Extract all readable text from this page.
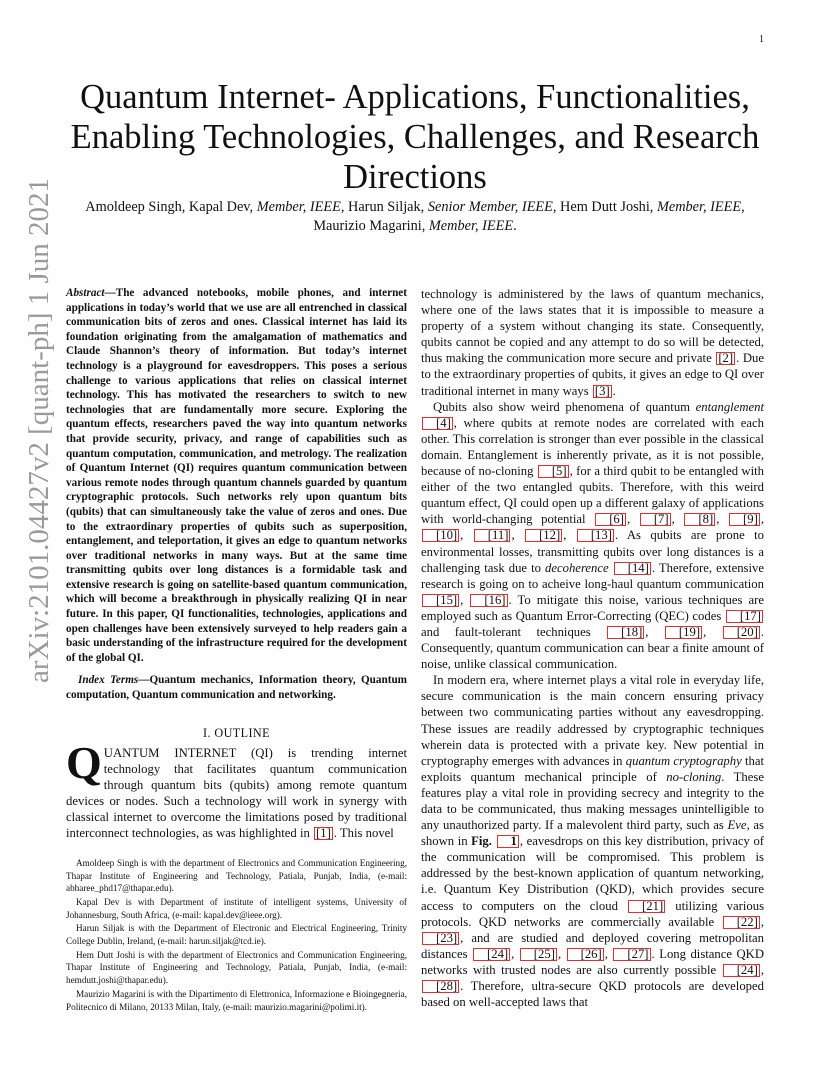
1
arXiv:2101.04427v2 [quant-ph] 1 Jun 2021
Quantum Internet- Applications, Functionalities, Enabling Technologies, Challenges, and Research Directions
Amoldeep Singh, Kapal Dev, Member, IEEE, Harun Siljak, Senior Member, IEEE, Hem Dutt Joshi, Member, IEEE, Maurizio Magarini, Member, IEEE.

Abstract—The advanced notebooks, mobile phones, and internet applications in today’s world that we use are all entrenched in classical communication bits of zeros and ones. Classical internet has laid its foundation originating from the amalgamation of mathematics and Claude Shannon’s theory of information. But today’s internet technology is a playground for eavesdroppers. This poses a serious challenge to various applications that relies on classical internet technology. This has motivated the researchers to switch to new technologies that are fundamentally more secure. Exploring the quantum effects, researchers paved the way into quantum networks that provide security, privacy, and range of capabilities such as quantum computation, communication, and metrology. The realization of Quantum Internet (QI) requires quantum communication between various remote nodes through quantum channels guarded by quantum cryptographic protocols. Such networks rely upon quantum bits (qubits) that can simultaneously take the value of zeros and ones. Due to the extraordinary properties of qubits such as superposition, entanglement, and teleportation, it gives an edge to quantum networks over traditional networks in many ways. But at the same time transmitting qubits over long distances is a formidable task and extensive research is going on satellite-based quantum communication, which will become a breakthrough in physically realizing QI in near future. In this paper, QI functionalities, technologies, applications and open challenges have been extensively surveyed to help readers gain a basic understanding of the infrastructure required for the development of the global QI.

Index Terms—Quantum mechanics, Information theory, Quantum computation, Quantum communication and networking.

I. OUTLINE

QUANTUM INTERNET (QI) is trending internet technology that facilitates quantum communication through quantum bits (qubits) among remote quantum devices or nodes. Such a technology will work in synergy with classical internet to overcome the limitations posed by traditional interconnect technologies, as was highlighted in [1] . This novel

Amoldeep Singh is with the department of Electronics and Communication Engineering, Thapar Institute of Engineering and Technology, Patiala, Punjab, India, (e-mail: abharee_phd17@thapar.edu).

Kapal Dev is with Department of institute of intelligent systems, University of Johannesburg, South Africa, (e-mail: kapal.dev@ieee.org).

Harun Siljak is with the Department of Electronic and Electrical Engineering, Trinity College Dublin, Ireland, (e-mail: harun.siljak@tcd.ie).

Hem Dutt Joshi is with the department of Electronics and Communication Engineering, Thapar Institute of Engineering and Technology, Patiala, Punjab, India, (e-mail: hemdutt.joshi@thapar.edu).

Maurizio Magarini is with the Dipartimento di Elettronica, Informazione e Bioingegneria, Politecnico di Milano, 20133 Milan, Italy, (e-mail: maurizio.magarini@polimi.it).

technology is administered by the laws of quantum mechanics, where one of the laws states that it is impossible to measure a property of a system without changing its state. Consequently, qubits cannot be copied and any attempt to do so will be detected, thus making the communication more secure and private [2] . Due to the extraordinary properties of qubits, it gives an edge to QI over traditional internet in many ways [3] .

Qubits also show weird phenomena of quantum entanglement [4] , where qubits at remote nodes are correlated with each other. This correlation is stronger than ever possible in the classical domain. Entanglement is inherently private, as it is not possible, because of no-cloning [5] , for a third qubit to be entangled with either of the two entangled qubits. Therefore, with this weird quantum effect, QI could open up a different galaxy of applications with world-changing potential [6] , [7] , [8] , [9] , [10] , [11] , [12] , [13] . As qubits are prone to environmental losses, transmitting qubits over long distances is a challenging task due to decoherence [14] . Therefore, extensive research is going on to acheive long-haul quantum communication [15] , [16] . To mitigate this noise, various techniques are employed such as Quantum Error-Correcting (QEC) codes [17] and fault-tolerant techniques [18] , [19] , [20] . Consequently, quantum communication can bear a finite amount of noise, unlike classical communication.

In modern era, where internet plays a vital role in everyday life, secure communication is the main concern ensuring privacy between two communicating parties without any eavesdropping. These issues are readily addressed by cryptographic techniques wherein data is protected with a private key. New potential in cryptography emerges with advances in quantum cryptography that exploits quantum mechanical principle of no-cloning. These features play a vital role in providing secrecy and integrity to the data to be communicated, thus making messages unintelligible to any unauthorized party. If a malevolent third party, such as Eve, as shown in Fig. 1 , eavesdrops on this key distribution, privacy of the communication will be compromised. This problem is addressed by the best-known application of quantum networking, i.e. Quantum Key Distribution (QKD), which provides secure access to computers on the cloud [21] utilizing various protocols. QKD networks are commercially available [22] , [23] , and are studied and deployed covering metropolitan distances [24] , [25] , [26] , [27] . Long distance QKD networks with trusted nodes are also currently possible [24] , [28] . Therefore, ultra-secure QKD protocols are developed based on well-accepted laws that
